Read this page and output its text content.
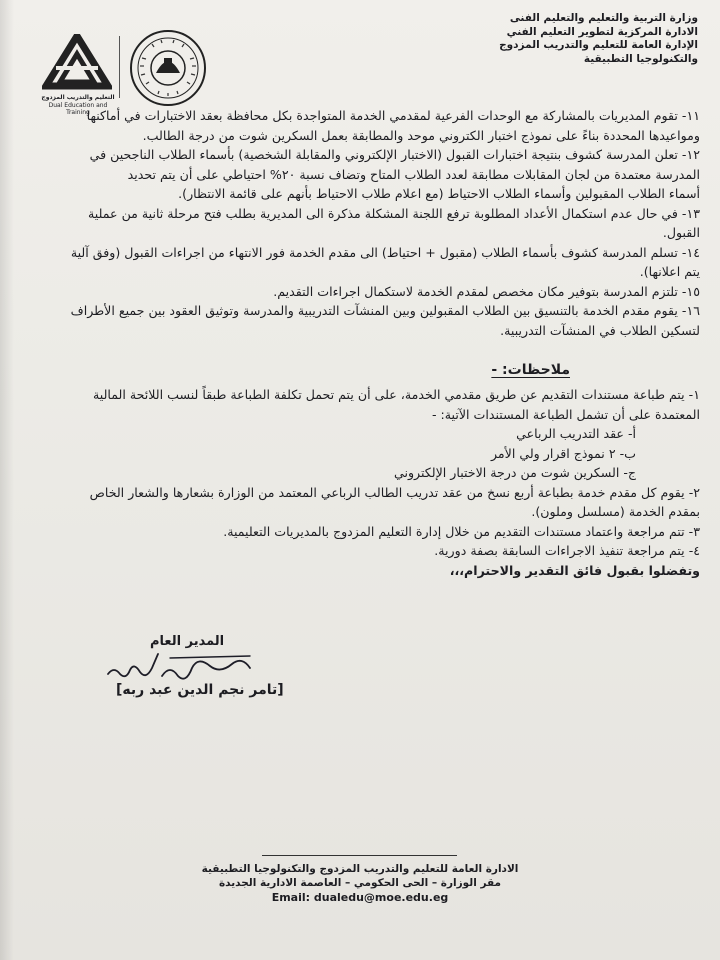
وزارة التربية والتعليم والتعليم الفنى
الادارة المركزية لتطوير التعليم الفني
الإدارة العامة للتعليم والتدريب المزدوج
والتكنولوجيا التطبيقية
التعليم والتدريب المزدوج
Dual Education and Training

١١- تقوم المديريات بالمشاركة مع الوحدات الفرعية لمقدمي الخدمة المتواجدة بكل محافظة بعقد الاختبارات في أماكنها

ومواعيدها المحددة بناءً على نموذج اختبار الكتروني موحد والمطابقة بعمل السكرين شوت من درجة الطالب.

١٢- تعلن المدرسة كشوف بنتيجة اختبارات القبول (الاختبار الإلكتروني والمقابلة الشخصية) بأسماء الطلاب الناجحين في

المدرسة معتمدة من لجان المقابلات مطابقة لعدد الطلاب المتاح وتضاف نسبة ٢٠% احتياطي على أن يتم تحديد

أسماء الطلاب المقبولين وأسماء الطلاب الاحتياط (مع اعلام طلاب الاحتياط بأنهم على قائمة الانتظار).

١٣- في حال عدم استكمال الأعداد المطلوبة ترفع اللجنة المشكلة مذكرة الى المديرية بطلب فتح مرحلة ثانية من عملية

القبول.

١٤- تسلم المدرسة كشوف بأسماء الطلاب (مقبول + احتياط) الى مقدم الخدمة فور الانتهاء من اجراءات القبول (وفق آلية

يتم اعلانها).

١٥- تلتزم المدرسة بتوفير مكان مخصص لمقدم الخدمة لاستكمال اجراءات التقديم.

١٦- يقوم مقدم الخدمة بالتنسيق بين الطلاب المقبولين وبين المنشآت التدريبية والمدرسة وتوثيق العقود بين جميع الأطراف

لتسكين الطلاب في المنشآت التدريبية.

ملاحظات: -

١- يتم طباعة مستندات التقديم عن طريق مقدمي الخدمة، على أن يتم تحمل تكلفة الطباعة طبقاً لنسب اللائحة المالية

المعتمدة على أن تشمل الطباعة المستندات الآتية: -

أ- عقد التدريب الرباعي

ب- ٢ نموذج اقرار ولي الأمر

ج- السكرين شوت من درجة الاختبار الإلكتروني

٢- يقوم كل مقدم خدمة بطباعة أربع نسخ من عقد تدريب الطالب الرباعي المعتمد من الوزارة بشعارها والشعار الخاص

بمقدم الخدمة (مسلسل وملون).

٣- تتم مراجعة واعتماد مستندات التقديم من خلال إدارة التعليم المزدوج بالمديريات التعليمية.

٤- يتم مراجعة تنفيذ الاجراءات السابقة بصفة دورية.

وتفضلوا بقبول فائق التقدير والاحترام،،،

المدير العام
[تامر نجم الدين عبد ربه]
الادارة العامة للتعليم والتدريب المزدوج والتكنولوجيا التطبيقية
مقر الوزارة – الحى الحكومي – العاصمة الادارية الجديدة
Email: dualedu@moe.edu.eg
